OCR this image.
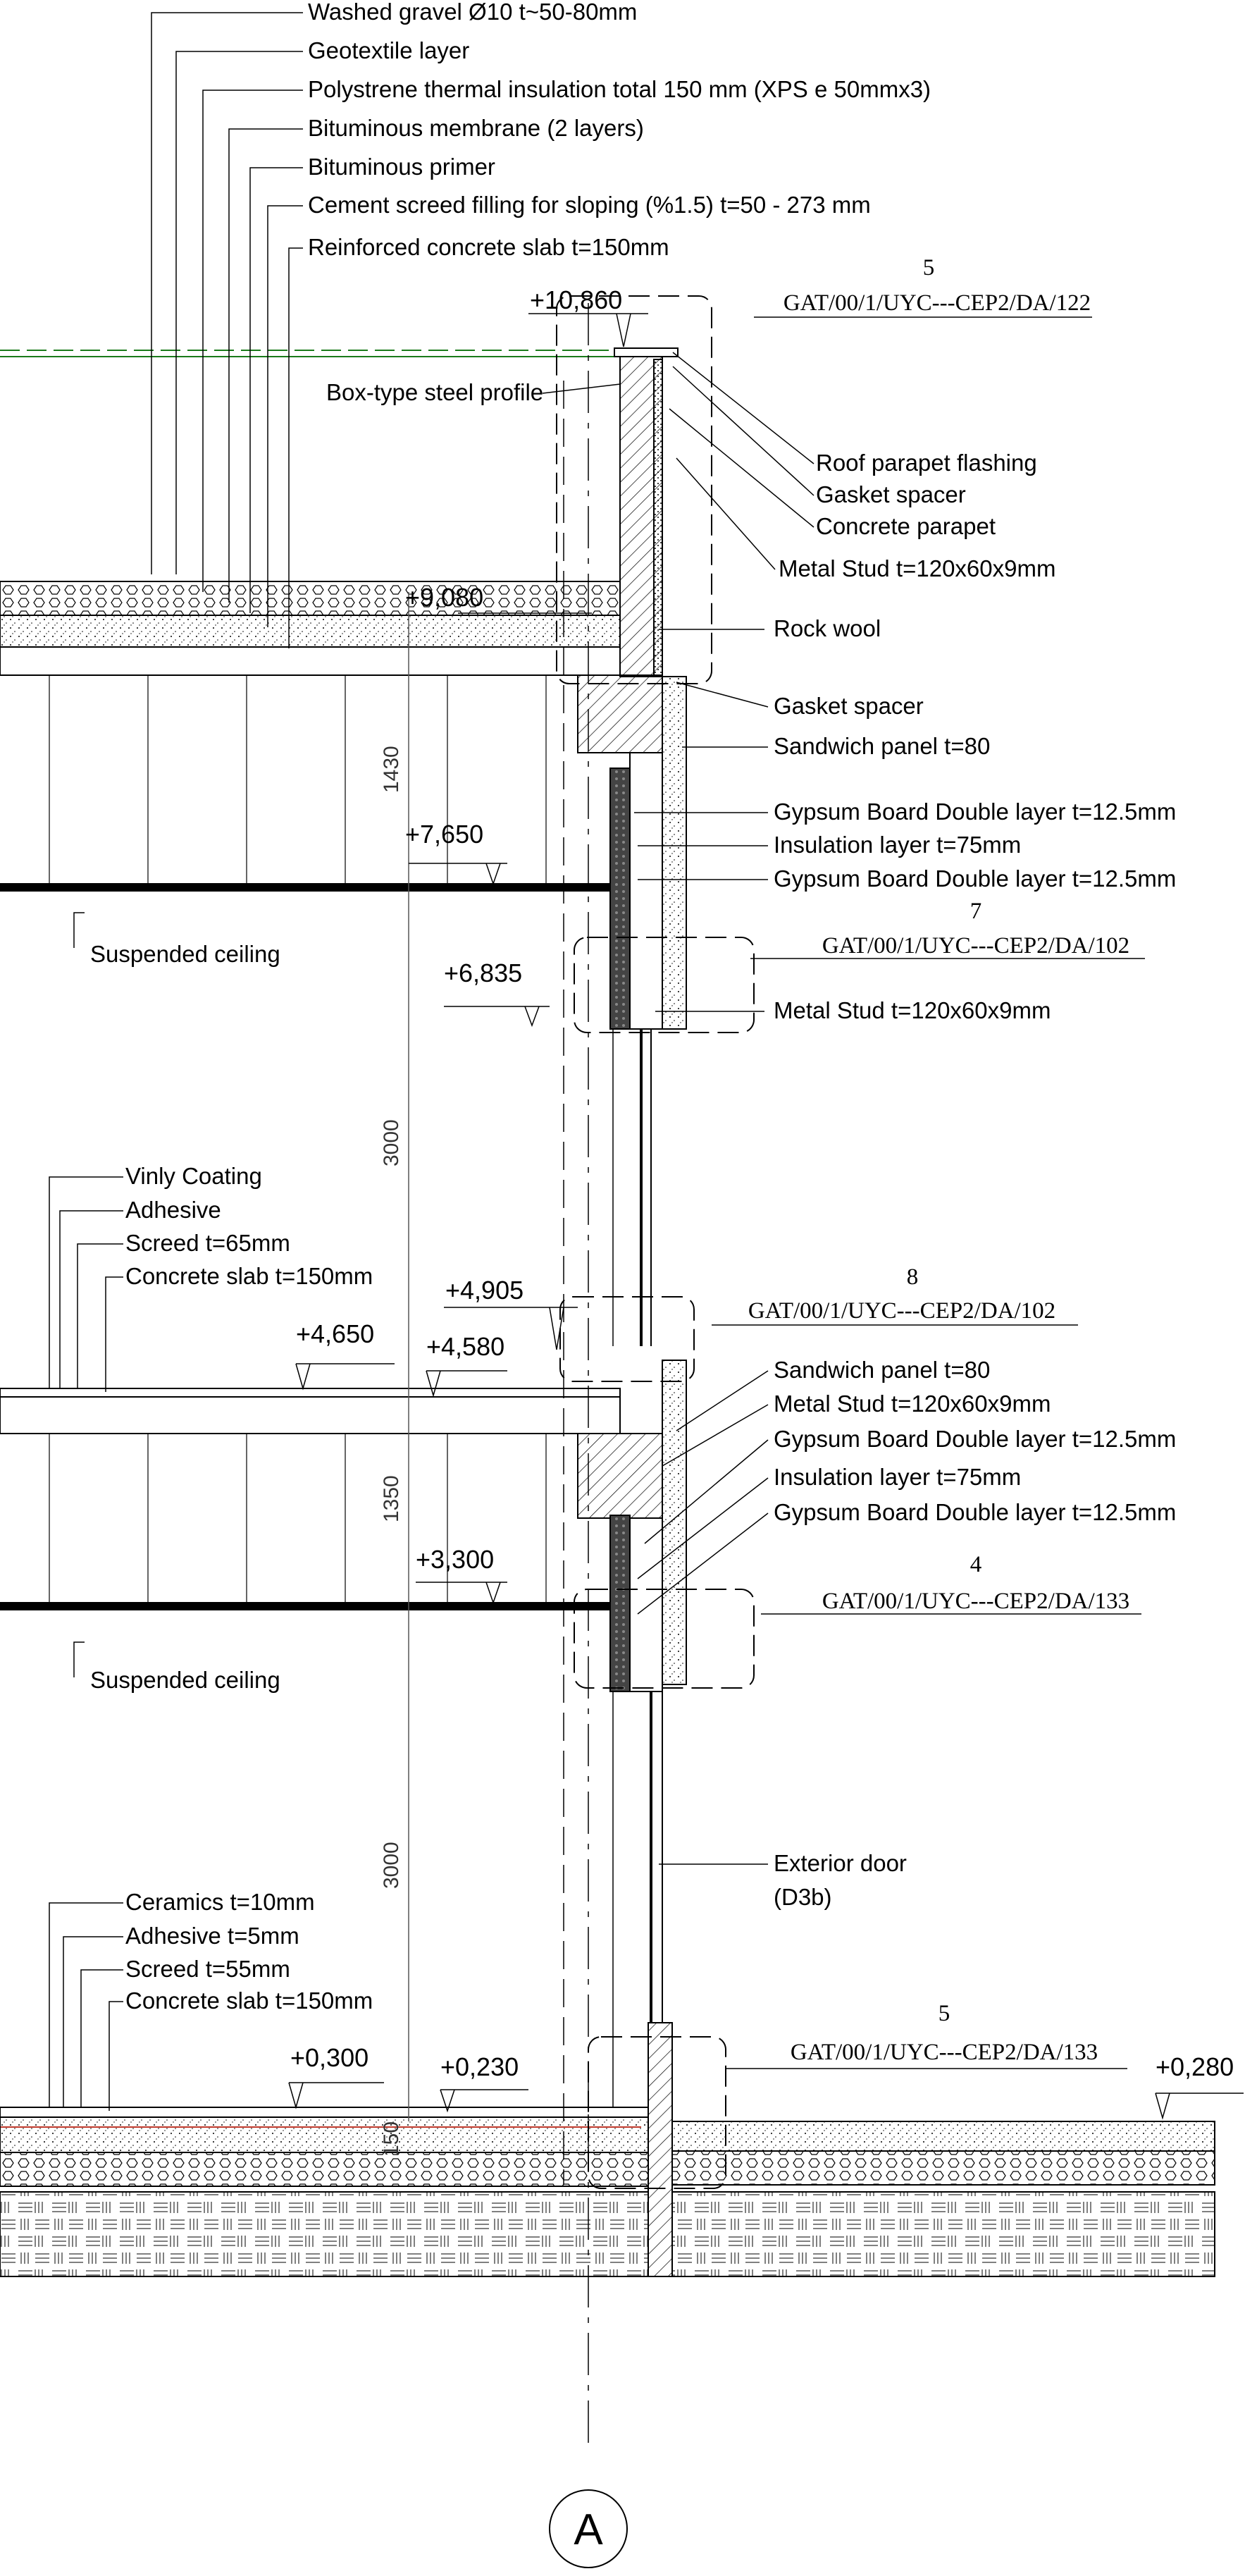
A
Washed gravel Ø10 t~50-80mm
Geotextile layer
Polystrene thermal insulation total 150 mm (XPS e 50mmx3)
Bituminous membrane (2 layers)
Bituminous primer
Cement screed filling for sloping (%1.5) t=50 - 273 mm
Reinforced concrete slab t=150mm
Box-type steel profile
Roof parapet flashing
Gasket spacer
Concrete parapet
Metal Stud t=120x60x9mm
Rock wool
Gasket spacer
Sandwich panel t=80
Gypsum Board Double layer t=12.5mm
Insulation layer t=75mm
Gypsum Board Double layer t=12.5mm
Metal Stud t=120x60x9mm
Sandwich panel t=80
Metal Stud t=120x60x9mm
Gypsum Board Double layer t=12.5mm
Insulation layer t=75mm
Gypsum Board Double layer t=12.5mm
Exterior door
(D3b)
Vinly Coating
Adhesive
Screed t=65mm
Concrete slab t=150mm
Ceramics t=10mm
Adhesive t=5mm
Screed t=55mm
Concrete slab t=150mm
Suspended ceiling
Suspended ceiling
5
GAT/00/1/UYC---CEP2/DA/122
7
GAT/00/1/UYC---CEP2/DA/102
8
GAT/00/1/UYC---CEP2/DA/102
4
GAT/00/1/UYC---CEP2/DA/133
5
GAT/00/1/UYC---CEP2/DA/133
+10,860
+9,080
+7,650
+6,835
+4,905
+4,650 +4,580
+3,300
+0,300	+0,230	+0,280
1430
3000
1350
3000
150
